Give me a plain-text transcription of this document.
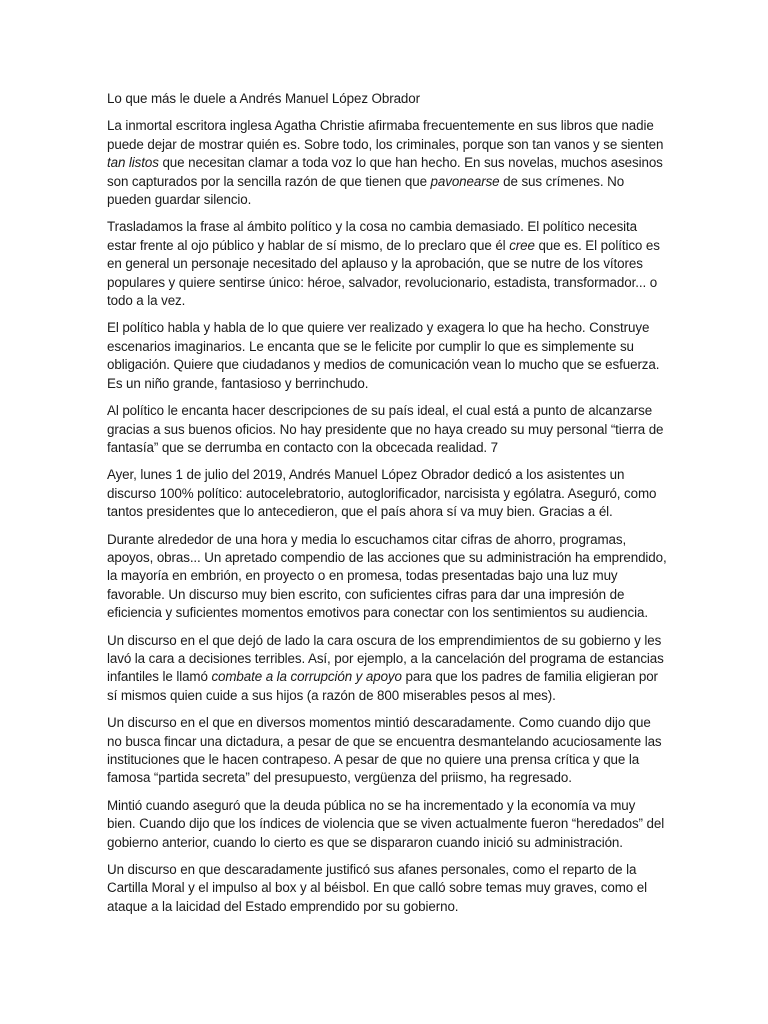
Lo que más le duele a Andrés Manuel López Obrador

La inmortal escritora inglesa Agatha Christie afirmaba frecuentemente en sus libros que nadie puede dejar de mostrar quién es. Sobre todo, los criminales, porque son tan vanos y se sienten tan listos que necesitan clamar a toda voz lo que han hecho. En sus novelas, muchos asesinos son capturados por la sencilla razón de que tienen que pavonearse de sus crímenes. No pueden guardar silencio.

Trasladamos la frase al ámbito político y la cosa no cambia demasiado. El político necesita estar frente al ojo público y hablar de sí mismo, de lo preclaro que él cree que es. El político es en general un personaje necesitado del aplauso y la aprobación, que se nutre de los vítores populares y quiere sentirse único: héroe, salvador, revolucionario, estadista, transformador... o todo a la vez.

El político habla y habla de lo que quiere ver realizado y exagera lo que ha hecho. Construye escenarios imaginarios. Le encanta que se le felicite por cumplir lo que es simplemente su obligación. Quiere que ciudadanos y medios de comunicación vean lo mucho que se esfuerza. Es un niño grande, fantasioso y berrinchudo.

Al político le encanta hacer descripciones de su país ideal, el cual está a punto de alcanzarse gracias a sus buenos oficios. No hay presidente que no haya creado su muy personal “tierra de fantasía” que se derrumba en contacto con la obcecada realidad. 7

Ayer, lunes 1 de julio del 2019, Andrés Manuel López Obrador dedicó a los asistentes un discurso 100% político: autocelebratorio, autoglorificador, narcisista y ególatra. Aseguró, como tantos presidentes que lo antecedieron, que el país ahora sí va muy bien. Gracias a él.

Durante alrededor de una hora y media lo escuchamos citar cifras de ahorro, programas, apoyos, obras... Un apretado compendio de las acciones que su administración ha emprendido, la mayoría en embrión, en proyecto o en promesa, todas presentadas bajo una luz muy favorable. Un discurso muy bien escrito, con suficientes cifras para dar una impresión de eficiencia y suficientes momentos emotivos para conectar con los sentimientos su audiencia.

Un discurso en el que dejó de lado la cara oscura de los emprendimientos de su gobierno y les lavó la cara a decisiones terribles. Así, por ejemplo, a la cancelación del programa de estancias infantiles le llamó combate a la corrupción y apoyo para que los padres de familia eligieran por sí mismos quien cuide a sus hijos (a razón de 800 miserables pesos al mes).

Un discurso en el que en diversos momentos mintió descaradamente. Como cuando dijo que no busca fincar una dictadura, a pesar de que se encuentra desmantelando acuciosamente las instituciones que le hacen contrapeso. A pesar de que no quiere una prensa crítica y que la famosa “partida secreta” del presupuesto, vergüenza del priismo, ha regresado.

Mintió cuando aseguró que la deuda pública no se ha incrementado y la economía va muy bien. Cuando dijo que los índices de violencia que se viven actualmente fueron “heredados” del gobierno anterior, cuando lo cierto es que se dispararon cuando inició su administración.

Un discurso en que descaradamente justificó sus afanes personales, como el reparto de la Cartilla Moral y el impulso al box y al béisbol. En que calló sobre temas muy graves, como el ataque a la laicidad del Estado emprendido por su gobierno.
